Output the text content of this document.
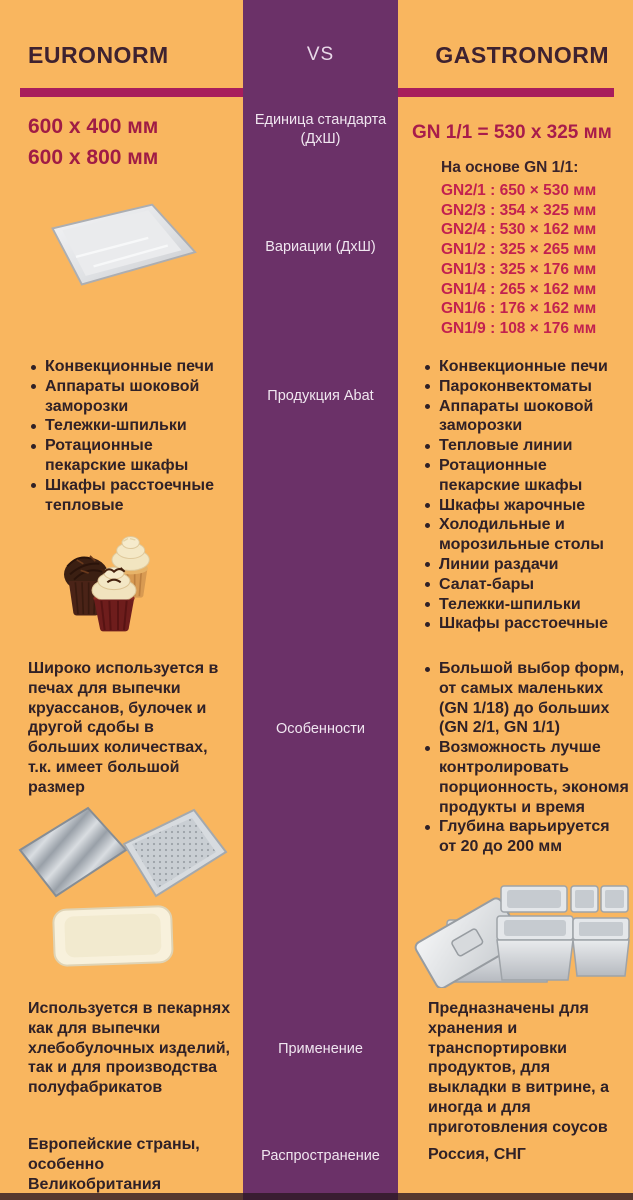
EURONORM	VS	GASTRONORM
Единица стандарта
(ДхШ)
600 х 400 мм
600 х 800 мм
GN 1/1 = 530 х 325 мм
Вариации (ДхШ)
На основе GN 1/1:
GN2/1 : 650 × 530 мм
GN2/3 : 354 × 325 мм
GN2/4 : 530 × 162 мм
GN1/2 : 325 × 265 мм
GN1/3 : 325 × 176 мм
GN1/4 : 265 × 162 мм
GN1/6 : 176 × 162 мм
GN1/9 : 108 × 176 мм
Продукция Abat
Конвекционные печи
Аппараты шоковой заморозки
Тележки-шпильки
Ротационные пекарские шкафы
Шкафы расстоечные тепловые
Конвекционные печи
Пароконвектоматы
Аппараты шоковой заморозки
Тепловые линии
Ротационные пекарские шкафы
Шкафы жарочные
Холодильные и морозильные столы
Линии раздачи
Салат-бары
Тележки-шпильки
Шкафы расстоечные
Особенности

Широко используется в печах для выпечки круассанов, булочек и другой сдобы в больших количествах, т.к. имеет большой размер

Большой выбор форм, от самых маленьких (GN 1/18) до больших (GN 2/1, GN 1/1)
Возможность лучше контролировать порционность, экономя продукты и время
Глубина варьируется от 20 до 200 мм
Применение

Используется в пекарнях как для выпечки хлебобулочных изделий, так и для производства полуфабрикатов

Предназначены для хранения и транспортировки продуктов, для выкладки в витрине, а иногда и для приготовления соусов

Распространение

Европейские страны, особенно Великобритания

Россия, СНГ
